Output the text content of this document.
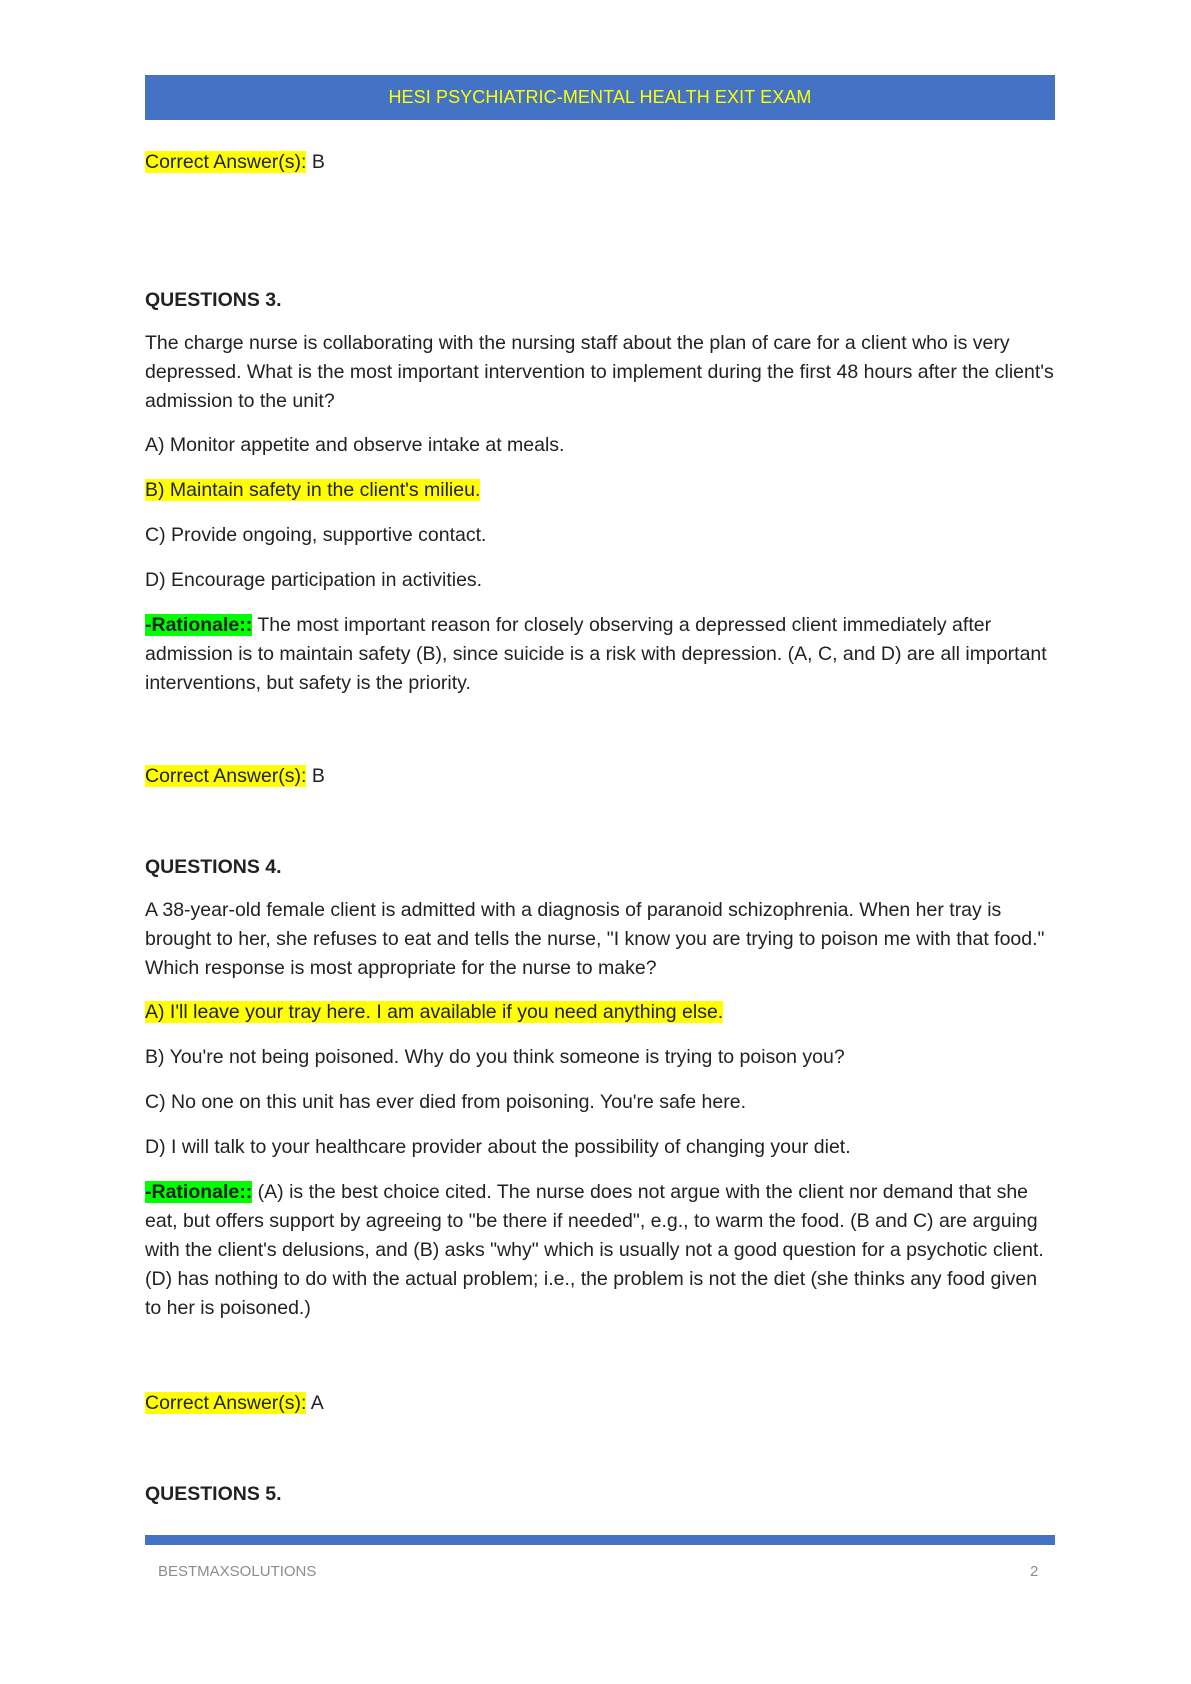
HESI PSYCHIATRIC-MENTAL HEALTH EXIT EXAM

Correct Answer(s): B

QUESTIONS 3.

The charge nurse is collaborating with the nursing staff about the plan of care for a client who is very depressed. What is the most important intervention to implement during the first 48 hours after the client's admission to the unit?

A) Monitor appetite and observe intake at meals.

B) Maintain safety in the client's milieu.

C) Provide ongoing, supportive contact.

D) Encourage participation in activities.

-Rationale:: The most important reason for closely observing a depressed client immediately after admission is to maintain safety (B), since suicide is a risk with depression. (A, C, and D) are all important interventions, but safety is the priority.

Correct Answer(s): B

QUESTIONS 4.

A 38-year-old female client is admitted with a diagnosis of paranoid schizophrenia. When her tray is brought to her, she refuses to eat and tells the nurse, "I know you are trying to poison me with that food." Which response is most appropriate for the nurse to make?

A) I'll leave your tray here. I am available if you need anything else.

B) You're not being poisoned. Why do you think someone is trying to poison you?

C) No one on this unit has ever died from poisoning. You're safe here.

D) I will talk to your healthcare provider about the possibility of changing your diet.

-Rationale:: (A) is the best choice cited. The nurse does not argue with the client nor demand that she eat, but offers support by agreeing to "be there if needed", e.g., to warm the food. (B and C) are arguing with the client's delusions, and (B) asks "why" which is usually not a good question for a psychotic client. (D) has nothing to do with the actual problem; i.e., the problem is not the diet (she thinks any food given to her is poisoned.)

Correct Answer(s): A

QUESTIONS 5.

BESTMAXSOLUTIONS	2
